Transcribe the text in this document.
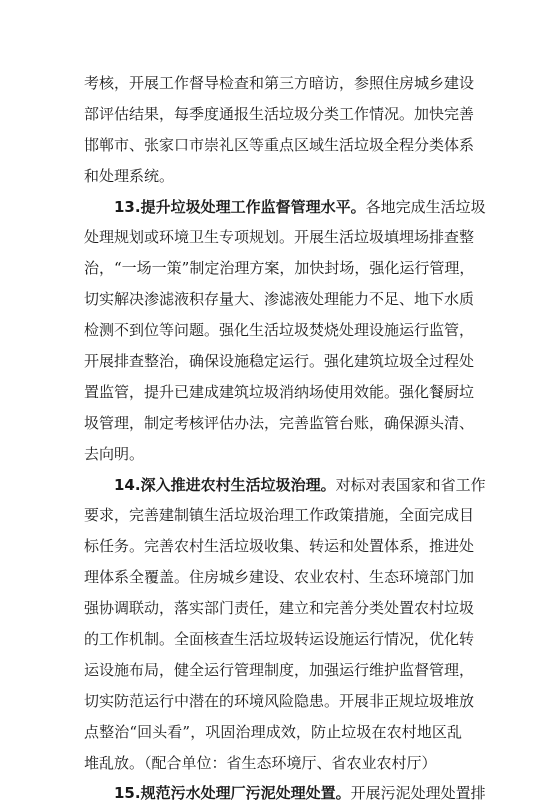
考核，开展工作督导检查和第三方暗访，参照住房城乡建设
部评估结果，每季度通报生活垃圾分类工作情况。加快完善
邯郸市、张家口市崇礼区等重点区域生活垃圾全程分类体系
和处理系统。
13.提升垃圾处理工作监督管理水平。各地完成生活垃圾
处理规划或环境卫生专项规划。开展生活垃圾填埋场排查整
治，“一场一策”制定治理方案，加快封场，强化运行管理，
切实解决渗滤液积存量大、渗滤液处理能力不足、地下水质
检测不到位等问题。强化生活垃圾焚烧处理设施运行监管，
开展排查整治，确保设施稳定运行。强化建筑垃圾全过程处
置监管，提升已建成建筑垃圾消纳场使用效能。强化餐厨垃
圾管理，制定考核评估办法，完善监管台账，确保源头清、
去向明。
14.深入推进农村生活垃圾治理。对标对表国家和省工作
要求，完善建制镇生活垃圾治理工作政策措施，全面完成目
标任务。完善农村生活垃圾收集、转运和处置体系，推进处
理体系全覆盖。住房城乡建设、农业农村、生态环境部门加
强协调联动，落实部门责任，建立和完善分类处置农村垃圾
的工作机制。全面核查生活垃圾转运设施运行情况，优化转
运设施布局，健全运行管理制度，加强运行维护监督管理，
切实防范运行中潜在的环境风险隐患。开展非正规垃圾堆放
点整治“回头看”，巩固治理成效，防止垃圾在农村地区乱
堆乱放。（配合单位：省生态环境厅、省农业农村厅）
15.规范污水处理厂污泥处理处置。开展污泥处理处置排
